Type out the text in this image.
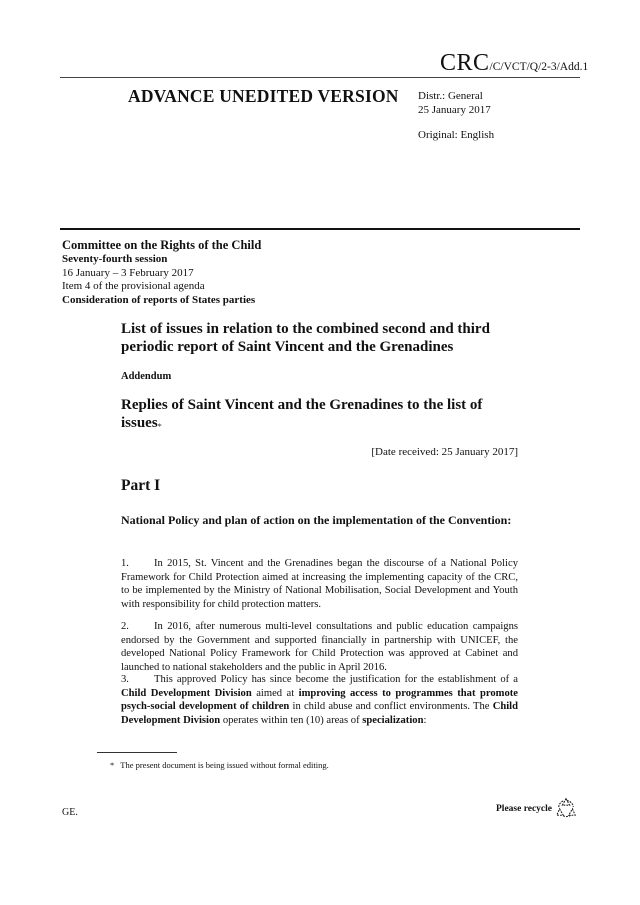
CRC/C/VCT/Q/2-3/Add.1
ADVANCE UNEDITED VERSION Distr.: General
25 January 2017
Original: English
Committee on the Rights of the Child
Seventy-fourth session
16 January – 3 February 2017
Item 4 of the provisional agenda
Consideration of reports of States parties
List of issues in relation to the combined second and third periodic report of Saint Vincent and the Grenadines
Addendum
Replies of Saint Vincent and the Grenadines to the list of issues*
[Date received: 25 January 2017]
Part I
National Policy and plan of action on the implementation of the Convention:
1. In 2015, St. Vincent and the Grenadines began the discourse of a National Policy Framework for Child Protection aimed at increasing the implementing capacity of the CRC, to be implemented by the Ministry of National Mobilisation, Social Development and Youth with responsibility for child protection matters.
2. In 2016, after numerous multi-level consultations and public education campaigns endorsed by the Government and supported financially in partnership with UNICEF, the developed National Policy Framework for Child Protection was approved at Cabinet and launched to national stakeholders and the public in April 2016.
3. This approved Policy has since become the justification for the establishment of a Child Development Division aimed at improving access to programmes that promote psych-social development of children in child abuse and conflict environments. The Child Development Division operates within ten (10) areas of specialization:
* The present document is being issued without formal editing.
GE.	Please recycle
